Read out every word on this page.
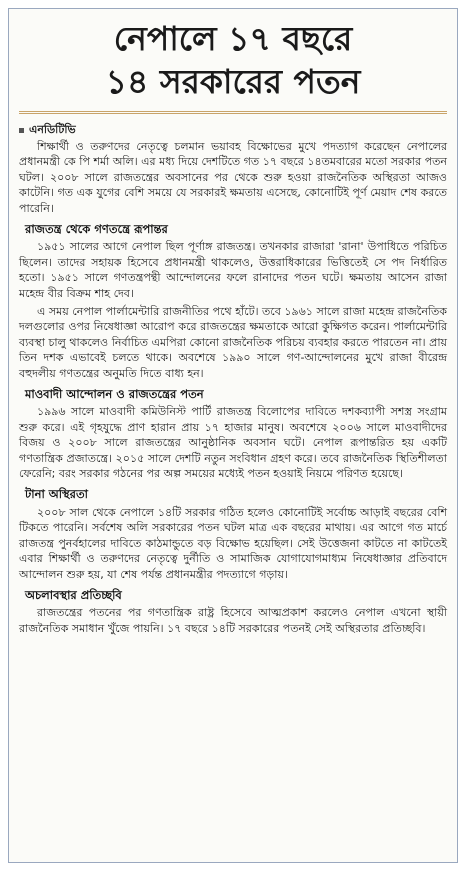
নেপালে ১৭ বছরে
১৪ সরকারের পতন
এনডিটিভি

শিক্ষার্থী ও তরুণদের নেতৃত্বে চলমান ভয়াবহ বিক্ষোভের মুখে পদত্যাগ করেছেন নেপালের প্রধানমন্ত্রী কে পি শর্মা অলি। এর মধ্য দিয়ে দেশটিতে গত ১৭ বছরে ১৪তমবারের মতো সরকার পতন ঘটল। ২০০৮ সালে রাজতন্ত্রের অবসানের পর থেকে শুরু হওয়া রাজনৈতিক অস্থিরতা আজও কাটেনি। গত এক যুগের বেশি সময়ে যে সরকারই ক্ষমতায় এসেছে, কোনোটিই পূর্ণ মেয়াদ শেষ করতে পারেনি।

রাজতন্ত্র থেকে গণতন্ত্রে রূপান্তর

১৯৫১ সালের আগে নেপাল ছিল পূর্ণাঙ্গ রাজতন্ত্র। তখনকার রাজারা 'রানা' উপাধিতে পরিচিত ছিলেন। তাদের সহায়ক হিসেবে প্রধানমন্ত্রী থাকলেও, উত্তরাধিকারের ভিত্তিতেই সে পদ নির্ধারিত হতো। ১৯৫১ সালে গণতন্ত্রপন্থী আন্দোলনের ফলে রানাদের পতন ঘটে। ক্ষমতায় আসেন রাজা মহেন্দ্র বীর বিক্রম শাহ দেব।

এ সময় নেপাল পার্লামেন্টারি রাজনীতির পথে হাঁটে। তবে ১৯৬১ সালে রাজা মহেন্দ্র রাজনৈতিক দলগুলোর ওপর নিষেধাজ্ঞা আরোপ করে রাজতন্ত্রের ক্ষমতাকে আরো কুক্ষিগত করেন। পার্লামেন্টারি ব্যবস্থা চালু থাকলেও নির্বাচিত এমপিরা কোনো রাজনৈতিক পরিচয় ব্যবহার করতে পারতেন না। প্রায় তিন দশক এভাবেই চলতে থাকে। অবশেষে ১৯৯০ সালে গণ-আন্দোলনের মুখে রাজা বীরেন্দ্র বহুদলীয় গণতন্ত্রের অনুমতি দিতে বাধ্য হন।

মাওবাদী আন্দোলন ও রাজতন্ত্রের পতন

১৯৯৬ সালে মাওবাদী কমিউনিস্ট পার্টি রাজতন্ত্র বিলোপের দাবিতে দশকব্যাপী সশস্ত্র সংগ্রাম শুরু করে। এই গৃহযুদ্ধে প্রাণ হারান প্রায় ১৭ হাজার মানুষ। অবশেষে ২০০৬ সালে মাওবাদীদের বিজয় ও ২০০৮ সালে রাজতন্ত্রের আনুষ্ঠানিক অবসান ঘটে। নেপাল রূপান্তরিত হয় একটি গণতান্ত্রিক প্রজাতন্ত্রে। ২০১৫ সালে দেশটি নতুন সংবিধান গ্রহণ করে। তবে রাজনৈতিক স্থিতিশীলতা ফেরেনি; বরং সরকার গঠনের পর অল্প সময়ের মধ্যেই পতন হওয়াই নিয়মে পরিণত হয়েছে।

টানা অস্থিরতা

২০০৮ সাল থেকে নেপালে ১৪টি সরকার গঠিত হলেও কোনোটিই সর্বোচ্চ আড়াই বছরের বেশি টিকতে পারেনি। সর্বশেষ অলি সরকারের পতন ঘটল মাত্র এক বছরের মাথায়। এর আগে গত মার্চে রাজতন্ত্র পুনর্বহালের দাবিতে কাঠমান্ডুতে বড় বিক্ষোভ হয়েছিল। সেই উত্তেজনা কাটতে না কাটতেই এবার শিক্ষার্থী ও তরুণদের নেতৃত্বে দুর্নীতি ও সামাজিক যোগাযোগমাধ্যম নিষেধাজ্ঞার প্রতিবাদে আন্দোলন শুরু হয়, যা শেষ পর্যন্ত প্রধানমন্ত্রীর পদত্যাগে গড়ায়।

অচলাবস্থার প্রতিচ্ছবি

রাজতন্ত্রের পতনের পর গণতান্ত্রিক রাষ্ট্র হিসেবে আত্মপ্রকাশ করলেও নেপাল এখনো স্থায়ী রাজনৈতিক সমাধান খুঁজে পায়নি। ১৭ বছরে ১৪টি সরকারের পতনই সেই অস্থিরতার প্রতিচ্ছবি।
